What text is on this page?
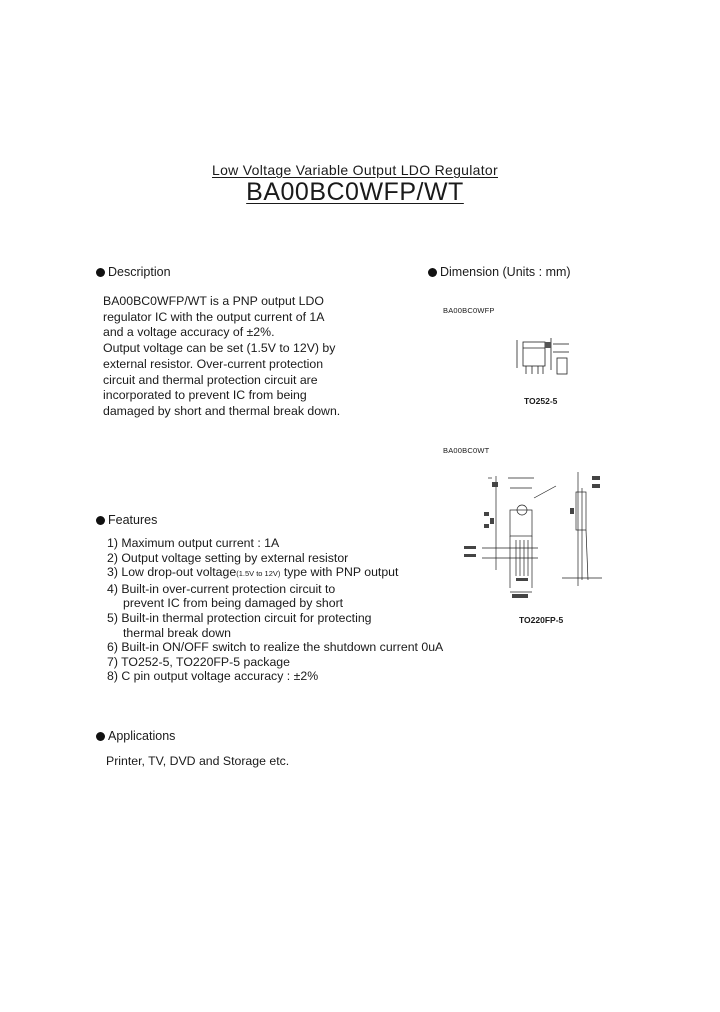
Low Voltage Variable Output LDO Regulator
BA00BC0WFP/WT
Description
BA00BC0WFP/WT is a PNP output LDO
regulator IC with the output current of 1A
and a voltage accuracy of ±2%.
Output voltage can be set (1.5V to 12V) by
external resistor. Over-current protection
circuit and thermal protection circuit are
incorporated to prevent IC from being
damaged by short and thermal break down.
Dimension (Units : mm)
BA00BC0WFP
TO252-5
BA00BC0WT
TO220FP-5
Features
1) Maximum output current : 1A
2) Output voltage setting by external resistor
3) Low drop-out voltage(1.5V to 12V) type with PNP output
4) Built-in over-current protection circuit to
prevent IC from being damaged by short
5) Built-in thermal protection circuit for protecting
thermal break down
6) Built-in ON/OFF switch to realize the shutdown current 0uA
7) TO252-5, TO220FP-5 package
8) C pin output voltage accuracy : ±2%
Applications
Printer, TV, DVD and Storage etc.
